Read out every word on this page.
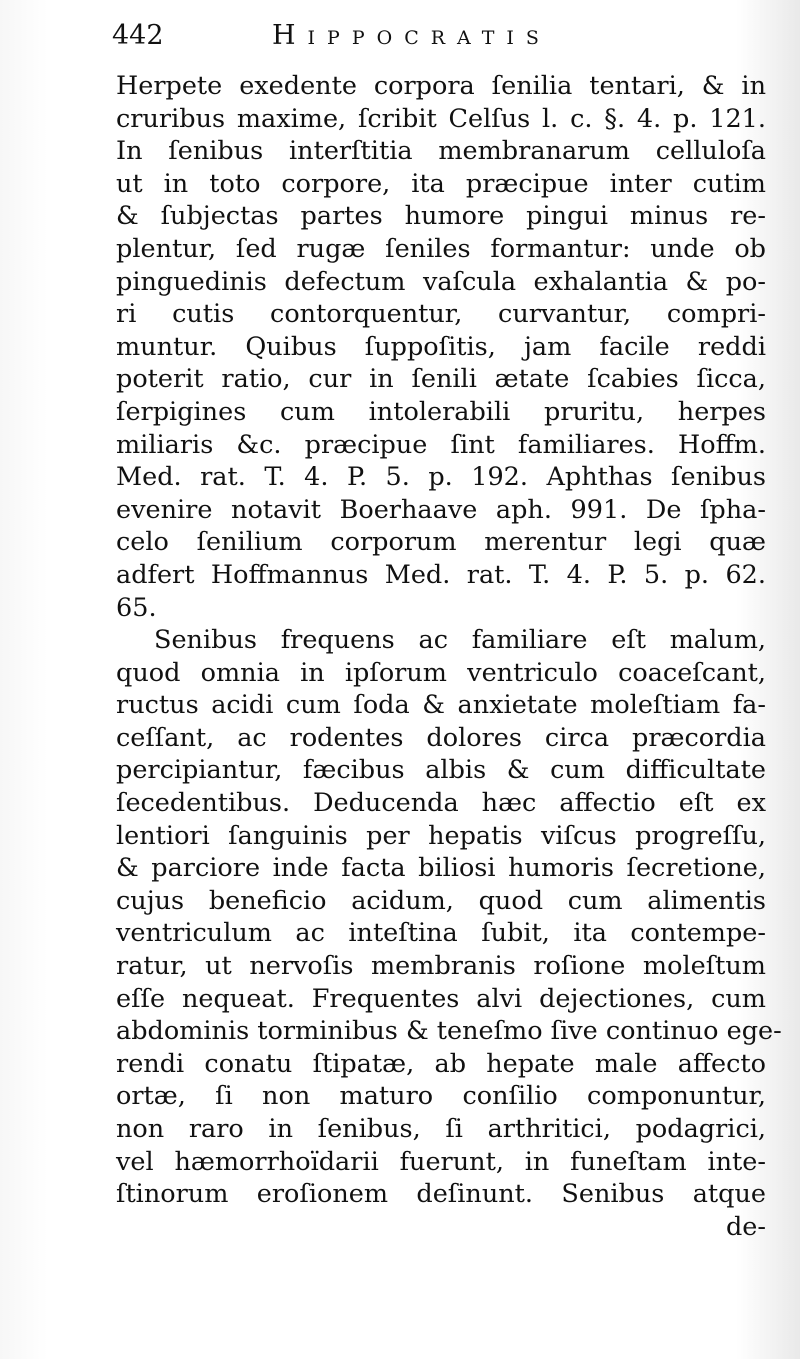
442	Hippocratis
Herpete exedente corpora ſenilia tentari, & in
cruribus maxime, ſcribit Celſus l. c. §. 4. p. 121.
In ſenibus interſtitia membranarum celluloſa
ut in toto corpore, ita præcipue inter cutim
& ſubjectas partes humore pingui minus re-
plentur, ſed rugæ ſeniles formantur: unde ob
pinguedinis defectum vaſcula exhalantia & po-
ri cutis contorquentur, curvantur, compri-
muntur. Quibus ſuppoſitis, jam facile reddi
poterit ratio, cur in ſenili ætate ſcabies ſicca,
ſerpigines cum intolerabili pruritu, herpes
miliaris &c. præcipue ſint familiares. Hoffm.
Med. rat. T. 4. P. 5. p. 192. Aphthas ſenibus
evenire notavit Boerhaave aph. 991. De ſpha-
celo ſenilium corporum merentur legi quæ
adfert Hoffmannus Med. rat. T. 4. P. 5. p. 62.
65.
Senibus frequens ac familiare eſt malum,
quod omnia in ipſorum ventriculo coaceſcant,
ructus acidi cum ſoda & anxietate moleſtiam fa-
ceſſant, ac rodentes dolores circa præcordia
percipiantur, fæcibus albis & cum difficultate
ſecedentibus. Deducenda hæc affectio eſt ex
lentiori ſanguinis per hepatis viſcus progreſſu,
& parciore inde facta biliosi humoris ſecretione,
cujus beneficio acidum, quod cum alimentis
ventriculum ac inteſtina ſubit, ita contempe-
ratur, ut nervoſis membranis roſione moleſtum
eſſe nequeat. Frequentes alvi dejectiones, cum
abdominis torminibus & teneſmo ſive continuo ege-
rendi conatu ſtipatæ, ab hepate male affecto
ortæ, ſi non maturo conſilio componuntur,
non raro in ſenibus, ſi arthritici, podagrici,
vel hæmorrhoïdarii fuerunt, in funeſtam inte-
ſtinorum eroſionem deſinunt. Senibus atque
de-
